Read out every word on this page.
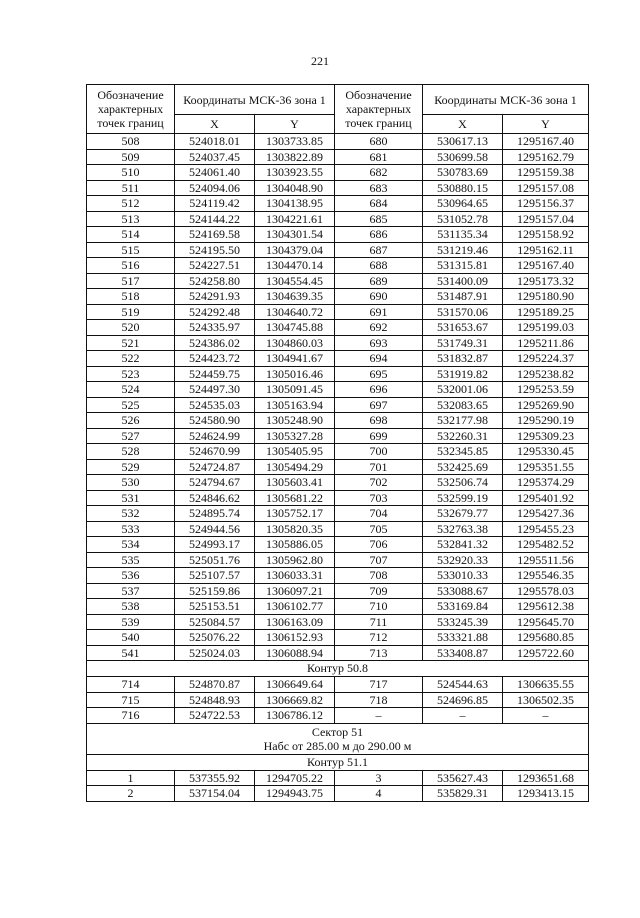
221
Обозначение характерных точек границ	Координаты МСК-36 зона 1		Обозначение характерных точек границ	Координаты МСК-36 зона 1	
	X	Y		X	Y
508	524018.01	1303733.85	680	530617.13	1295167.40
509	524037.45	1303822.89	681	530699.58	1295162.79
510	524061.40	1303923.55	682	530783.69	1295159.38
511	524094.06	1304048.90	683	530880.15	1295157.08
512	524119.42	1304138.95	684	530964.65	1295156.37
513	524144.22	1304221.61	685	531052.78	1295157.04
514	524169.58	1304301.54	686	531135.34	1295158.92
515	524195.50	1304379.04	687	531219.46	1295162.11
516	524227.51	1304470.14	688	531315.81	1295167.40
517	524258.80	1304554.45	689	531400.09	1295173.32
518	524291.93	1304639.35	690	531487.91	1295180.90
519	524292.48	1304640.72	691	531570.06	1295189.25
520	524335.97	1304745.88	692	531653.67	1295199.03
521	524386.02	1304860.03	693	531749.31	1295211.86
522	524423.72	1304941.67	694	531832.87	1295224.37
523	524459.75	1305016.46	695	531919.82	1295238.82
524	524497.30	1305091.45	696	532001.06	1295253.59
525	524535.03	1305163.94	697	532083.65	1295269.90
526	524580.90	1305248.90	698	532177.98	1295290.19
527	524624.99	1305327.28	699	532260.31	1295309.23
528	524670.99	1305405.95	700	532345.85	1295330.45
529	524724.87	1305494.29	701	532425.69	1295351.55
530	524794.67	1305603.41	702	532506.74	1295374.29
531	524846.62	1305681.22	703	532599.19	1295401.92
532	524895.74	1305752.17	704	532679.77	1295427.36
533	524944.56	1305820.35	705	532763.38	1295455.23
534	524993.17	1305886.05	706	532841.32	1295482.52
535	525051.76	1305962.80	707	532920.33	1295511.56
536	525107.57	1306033.31	708	533010.33	1295546.35
537	525159.86	1306097.21	709	533088.67	1295578.03
538	525153.51	1306102.77	710	533169.84	1295612.38
539	525084.57	1306163.09	711	533245.39	1295645.70
540	525076.22	1306152.93	712	533321.88	1295680.85
541	525024.03	1306088.94	713	533408.87	1295722.60
Контур 50.8					
714	524870.87	1306649.64	717	524544.63	1306635.55
715	524848.93	1306669.82	718	524696.85	1306502.35
716	524722.53	1306786.12	–	–	–
Сектор 51
Набс от 285.00 м до 290.00 м					
Контур 51.1					
1	537355.92	1294705.22	3	535627.43	1293651.68
2	537154.04	1294943.75	4	535829.31	1293413.15
